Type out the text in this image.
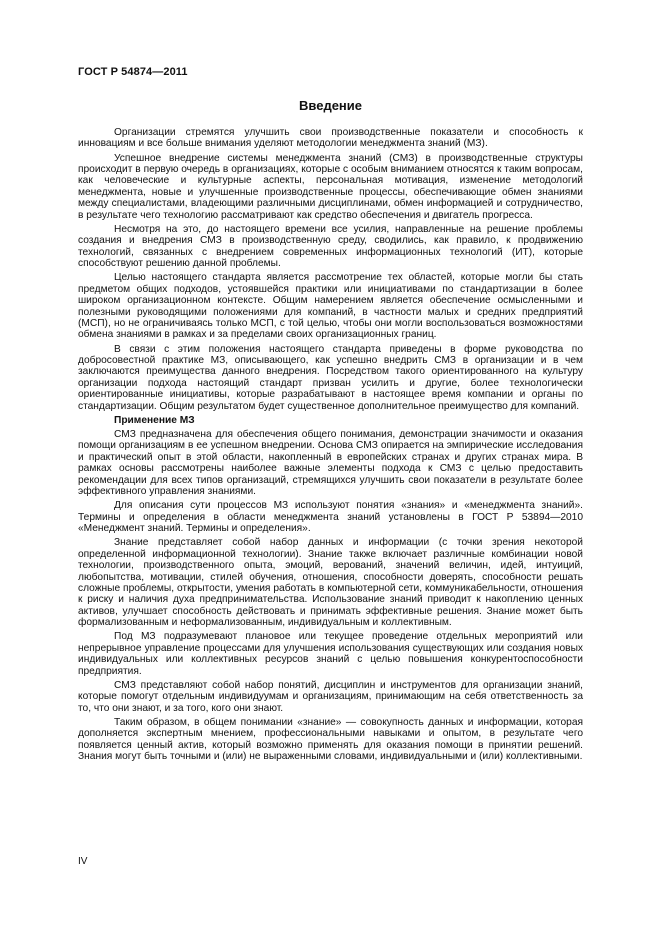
ГОСТ Р 54874—2011
Введение

Организации стремятся улучшить свои производственные показатели и способность к инновациям и все больше внимания уделяют методологии менеджмента знаний (МЗ).

Успешное внедрение системы менеджмента знаний (СМЗ) в производственные структуры происходит в первую очередь в организациях, которые с особым вниманием относятся к таким вопросам, как человеческие и культурные аспекты, персональная мотивация, изменение методологий менеджмента, новые и улучшенные производственные процессы, обеспечивающие обмен знаниями между специалистами, владеющими различными дисциплинами, обмен информацией и сотрудничество, в результате чего технологию рассматривают как средство обеспечения и двигатель прогресса.

Несмотря на это, до настоящего времени все усилия, направленные на решение проблемы создания и внедрения СМЗ в производственную среду, сводились, как правило, к продвижению технологий, связанных с внедрением современных информационных технологий (ИТ), которые способствуют решению данной проблемы.

Целью настоящего стандарта является рассмотрение тех областей, которые могли бы стать предметом общих подходов, устоявшейся практики или инициативами по стандартизации в более широком организационном контексте. Общим намерением является обеспечение осмысленными и полезными руководящими положениями для компаний, в частности малых и средних предприятий (МСП), но не ограничиваясь только МСП, с той целью, чтобы они могли воспользоваться возможностями обмена знаниями в рамках и за пределами своих организационных границ.

В связи с этим положения настоящего стандарта приведены в форме руководства по добросовестной практике МЗ, описывающего, как успешно внедрить СМЗ в организации и в чем заключаются преимущества данного внедрения. Посредством такого ориентированного на культуру организации подхода настоящий стандарт призван усилить и другие, более технологически ориентированные инициативы, которые разрабатывают в настоящее время компании и органы по стандартизации. Общим результатом будет существенное дополнительное преимущество для компаний.

Применение МЗ

СМЗ предназначена для обеспечения общего понимания, демонстрации значимости и оказания помощи организациям в ее успешном внедрении. Основа СМЗ опирается на эмпирические исследования и практический опыт в этой области, накопленный в европейских странах и других странах мира. В рамках основы рассмотрены наиболее важные элементы подхода к СМЗ с целью предоставить рекомендации для всех типов организаций, стремящихся улучшить свои показатели в результате более эффективного управления знаниями.

Для описания сути процессов МЗ используют понятия «знания» и «менеджмента знаний». Термины и определения в области менеджмента знаний установлены в ГОСТ Р 53894—2010 «Менеджмент знаний. Термины и определения».

Знание представляет собой набор данных и информации (с точки зрения некоторой определенной информационной технологии). Знание также включает различные комбинации новой технологии, производственного опыта, эмоций, верований, значений величин, идей, интуиций, любопытства, мотивации, стилей обучения, отношения, способности доверять, способности решать сложные проблемы, открытости, умения работать в компьютерной сети, коммуникабельности, отношения к риску и наличия духа предпринимательства. Использование знаний приводит к накоплению ценных активов, улучшает способность действовать и принимать эффективные решения. Знание может быть формализованным и неформализованным, индивидуальным и коллективным.

Под МЗ подразумевают плановое или текущее проведение отдельных мероприятий или непрерывное управление процессами для улучшения использования существующих или создания новых индивидуальных или коллективных ресурсов знаний с целью повышения конкурентоспособности предприятия.

СМЗ представляют собой набор понятий, дисциплин и инструментов для организации знаний, которые помогут отдельным индивидуумам и организациям, принимающим на себя ответственность за то, что они знают, и за того, кого они знают.

Таким образом, в общем понимании «знание» — совокупность данных и информации, которая дополняется экспертным мнением, профессиональными навыками и опытом, в результате чего появляется ценный актив, который возможно применять для оказания помощи в принятии решений. Знания могут быть точными и (или) не выраженными словами, индивидуальными и (или) коллективными.

IV
